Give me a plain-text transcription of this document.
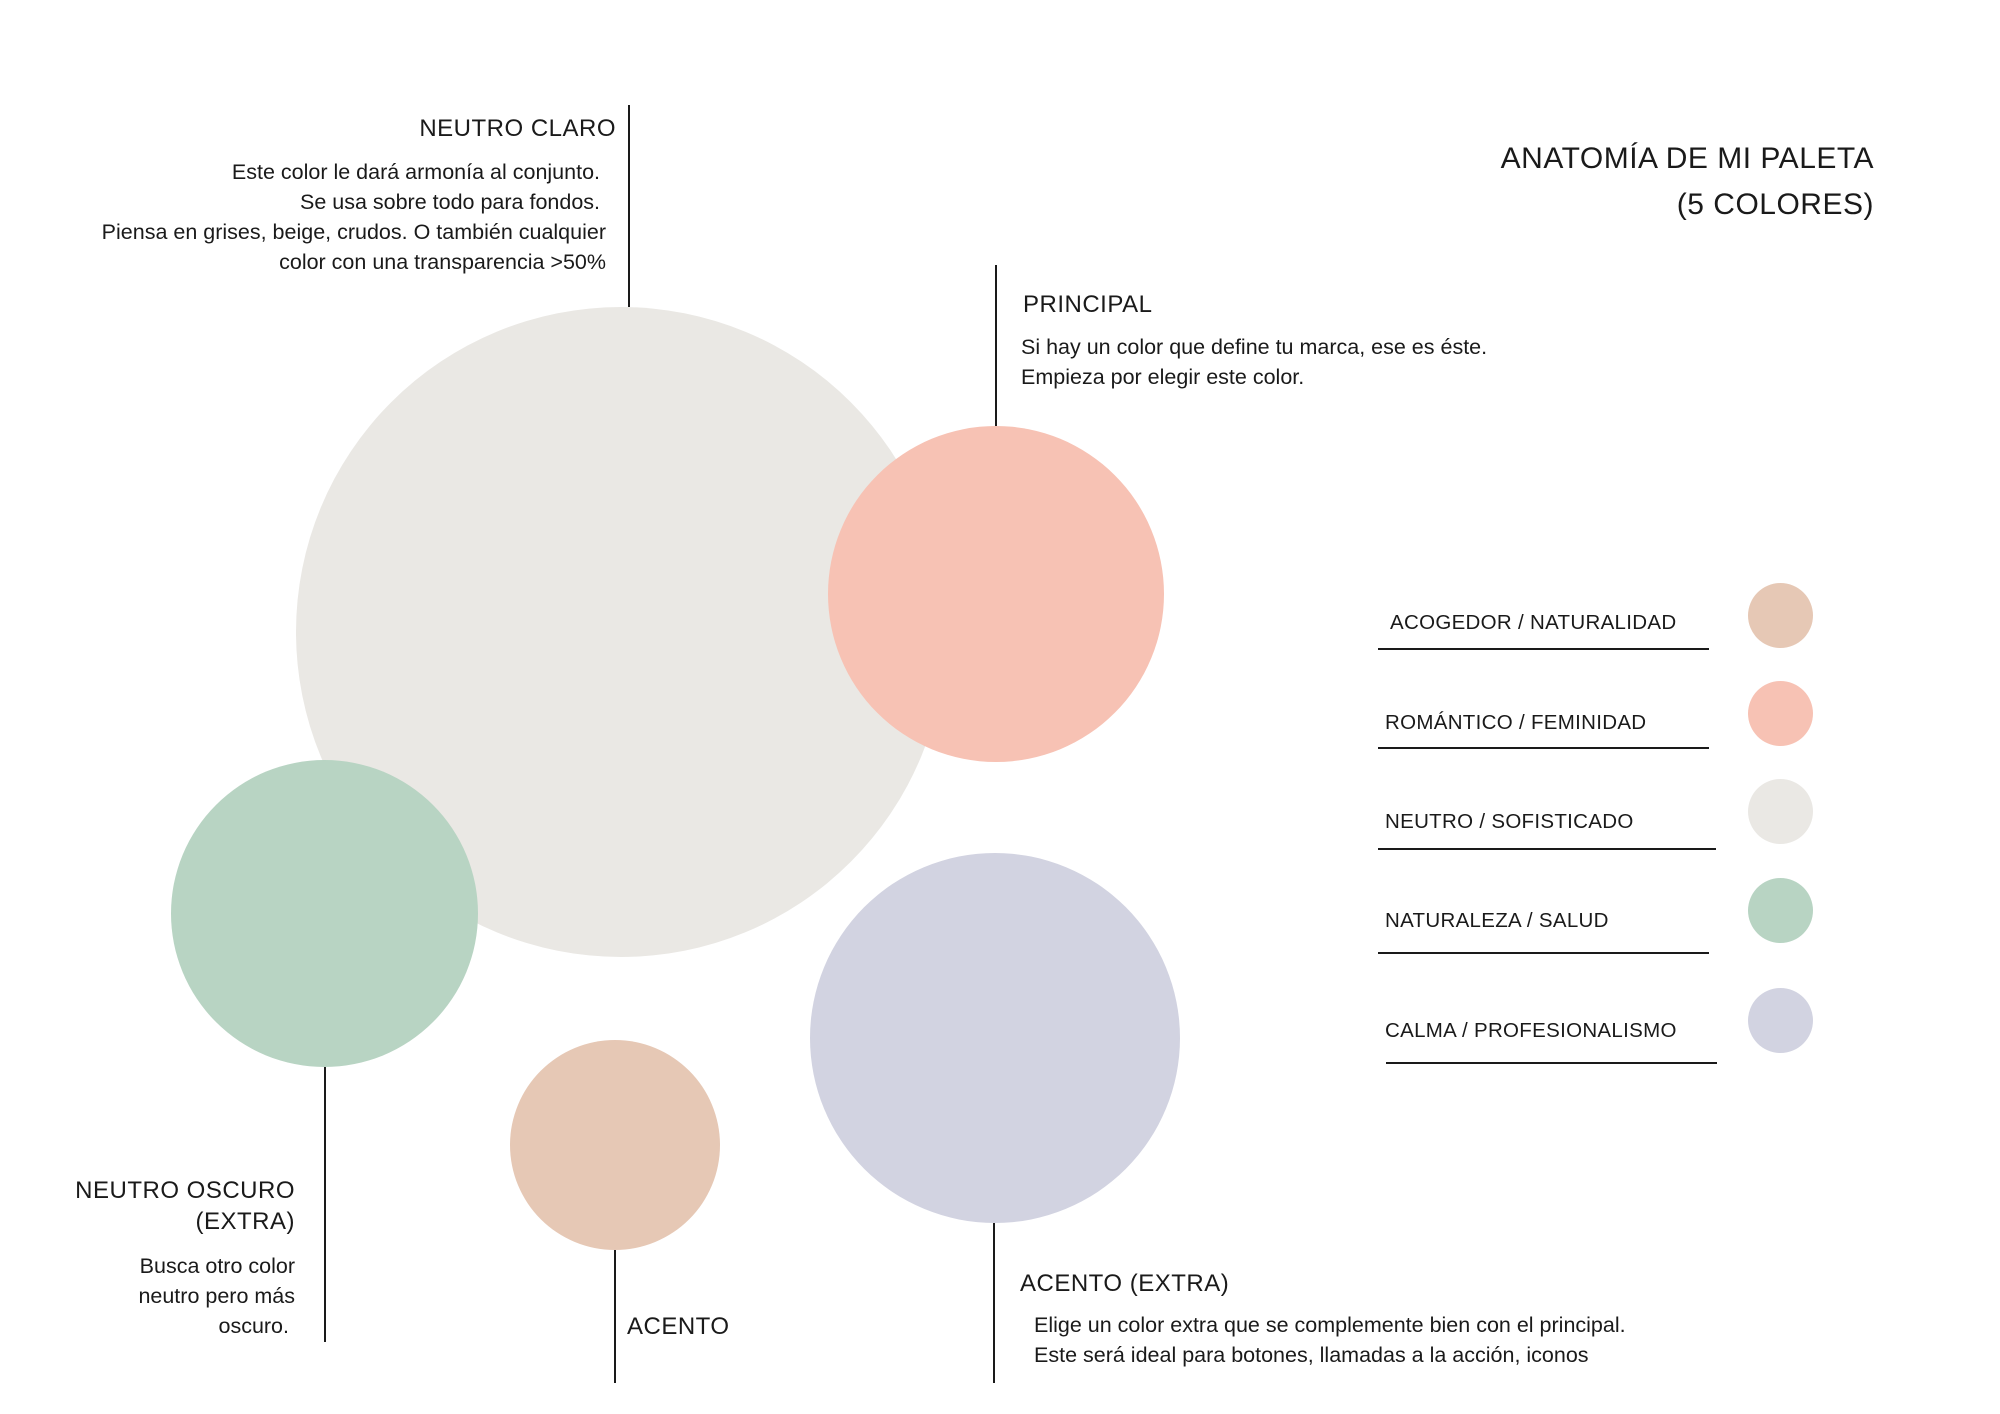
ANATOMÍA DE MI PALETA
(5 COLORES)
NEUTRO CLARO
Este color le dará armonía al conjunto.
Se usa sobre todo para fondos.
Piensa en grises, beige, crudos. O también cualquier
color con una transparencia >50%
PRINCIPAL
Si hay un color que define tu marca, ese es éste.
Empieza por elegir este color.
NEUTRO OSCURO
(EXTRA)
Busca otro color
neutro pero más
oscuro.	ACENTO
ACENTO (EXTRA)
Elige un color extra que se complemente bien con el principal.
Este será ideal para botones, llamadas a la acción, iconos
ACOGEDOR / NATURALIDAD
ROMÁNTICO / FEMINIDAD
NEUTRO / SOFISTICADO
NATURALEZA / SALUD
CALMA / PROFESIONALISMO
